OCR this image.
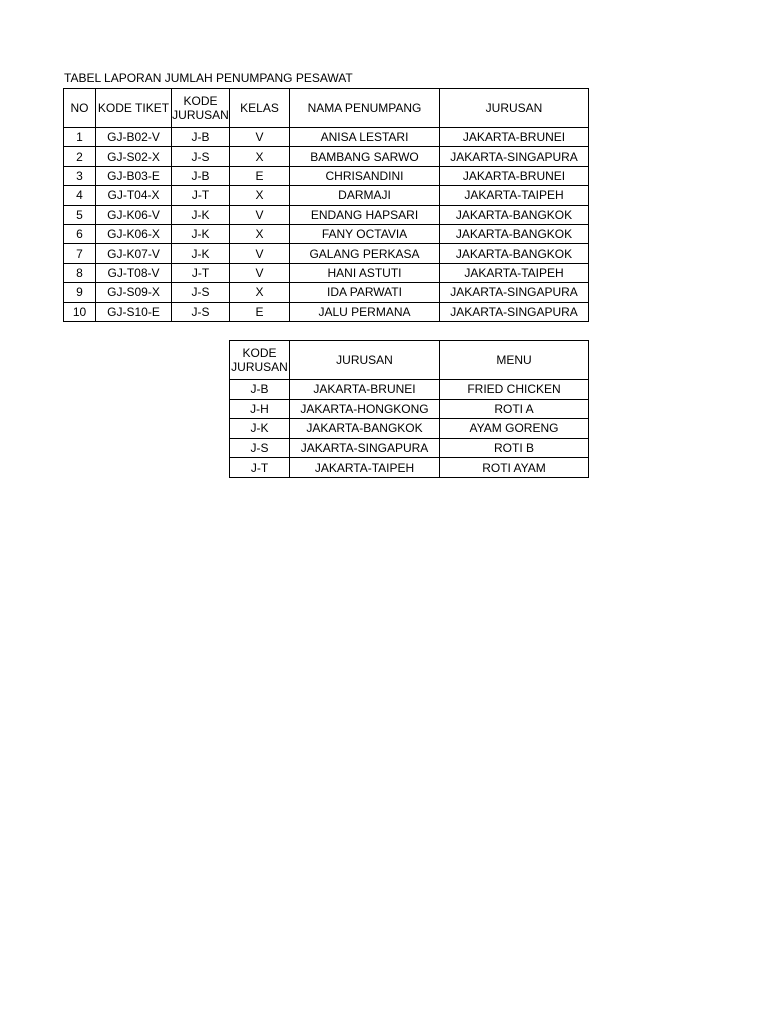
TABEL LAPORAN JUMLAH PENUMPANG PESAWAT
NO	KODE TIKET	KODE JURUSAN	KELAS	NAMA PENUMPANG	JURUSAN
1	GJ-B02-V	J-B	V	ANISA LESTARI	JAKARTA-BRUNEI
2	GJ-S02-X	J-S	X	BAMBANG SARWO	JAKARTA-SINGAPURA
3	GJ-B03-E	J-B	E	CHRISANDINI	JAKARTA-BRUNEI
4	GJ-T04-X	J-T	X	DARMAJI	JAKARTA-TAIPEH
5	GJ-K06-V	J-K	V	ENDANG HAPSARI	JAKARTA-BANGKOK
6	GJ-K06-X	J-K	X	FANY OCTAVIA	JAKARTA-BANGKOK
7	GJ-K07-V	J-K	V	GALANG PERKASA	JAKARTA-BANGKOK
8	GJ-T08-V	J-T	V	HANI ASTUTI	JAKARTA-TAIPEH
9	GJ-S09-X	J-S	X	IDA PARWATI	JAKARTA-SINGAPURA
10	GJ-S10-E	J-S	E	JALU PERMANA	JAKARTA-SINGAPURA
KODE JURUSAN	JURUSAN	MENU
J-B	JAKARTA-BRUNEI	FRIED CHICKEN
J-H	JAKARTA-HONGKONG	ROTI A
J-K	JAKARTA-BANGKOK	AYAM GORENG
J-S	JAKARTA-SINGAPURA	ROTI B
J-T	JAKARTA-TAIPEH	ROTI AYAM
